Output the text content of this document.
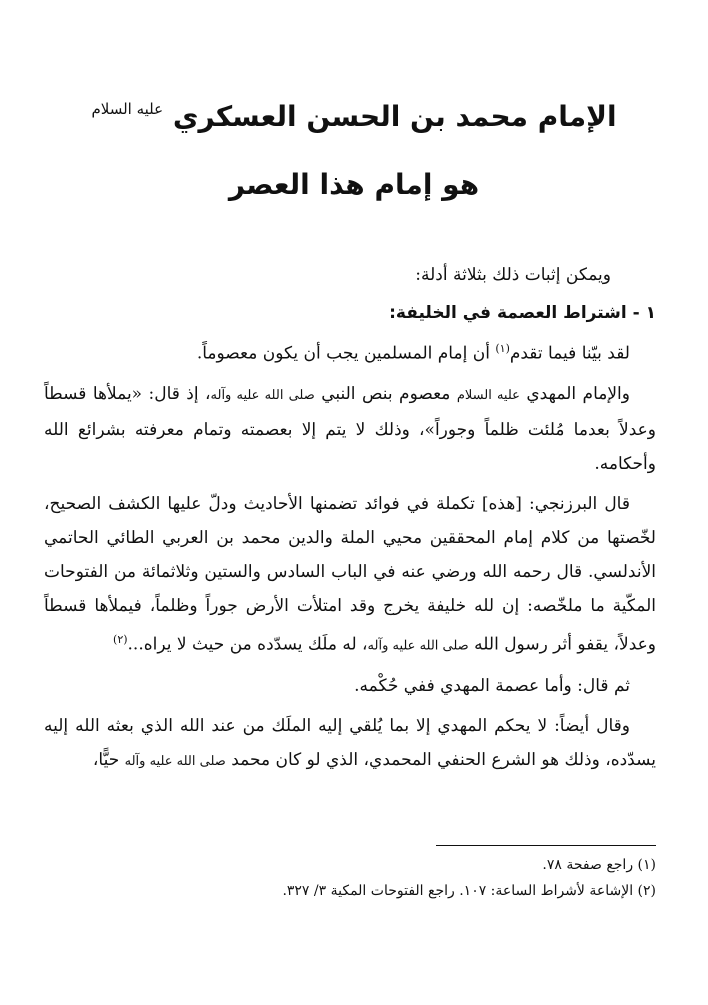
الإمام محمد بن الحسن العسكري $^{عليه السلام}$
هو إمام هذا العصر

ويمكن إثبات ذلك بثلاثة أدلة:

١ - اشتراط العصمة في الخليفة:

لقد بيّنا فيما تقدم$^{(١)}$ أن إمام المسلمين يجب أن يكون معصوماً.

والإمام المهدي عليه السلام معصوم بنص النبي صلى الله عليه وآله، إذ قال: «يملأها قسطاً وعدلاً بعدما مُلئت ظلماً وجوراً»، وذلك لا يتم إلا بعصمته وتمام معرفته بشرائع الله وأحكامه.

قال البرزنجي: [هذه] تكملة في فوائد تضمنها الأحاديث ودلّ عليها الكشف الصحيح، لخّصتها من كلام إمام المحققين محيي الملة والدين محمد بن العربي الطائي الحاتمي الأندلسي. قال رحمه الله ورضي عنه في الباب السادس والستين وثلاثمائة من الفتوحات المكّية ما ملخّصه: إن لله خليفة يخرج وقد امتلأت الأرض جوراً وظلماً، فيملأها قسطاً وعدلاً، يقفو أثر رسول الله صلى الله عليه وآله، له ملَك يسدّده من حيث لا يراه...$^{(٢)}$

ثم قال: وأما عصمة المهدي ففي حُكْمه.

وقال أيضاً: لا يحكم المهدي إلا بما يُلقي إليه الملَك من عند الله الذي بعثه الله إليه يسدّده، وذلك هو الشرع الحنفي المحمدي، الذي لو كان محمد صلى الله عليه وآله حيًّا،

(١) راجع صفحة ٧٨.
(٢) الإشاعة لأشراط الساعة: ١٠٧. راجع الفتوحات المكية ٣/ ٣٢٧.
